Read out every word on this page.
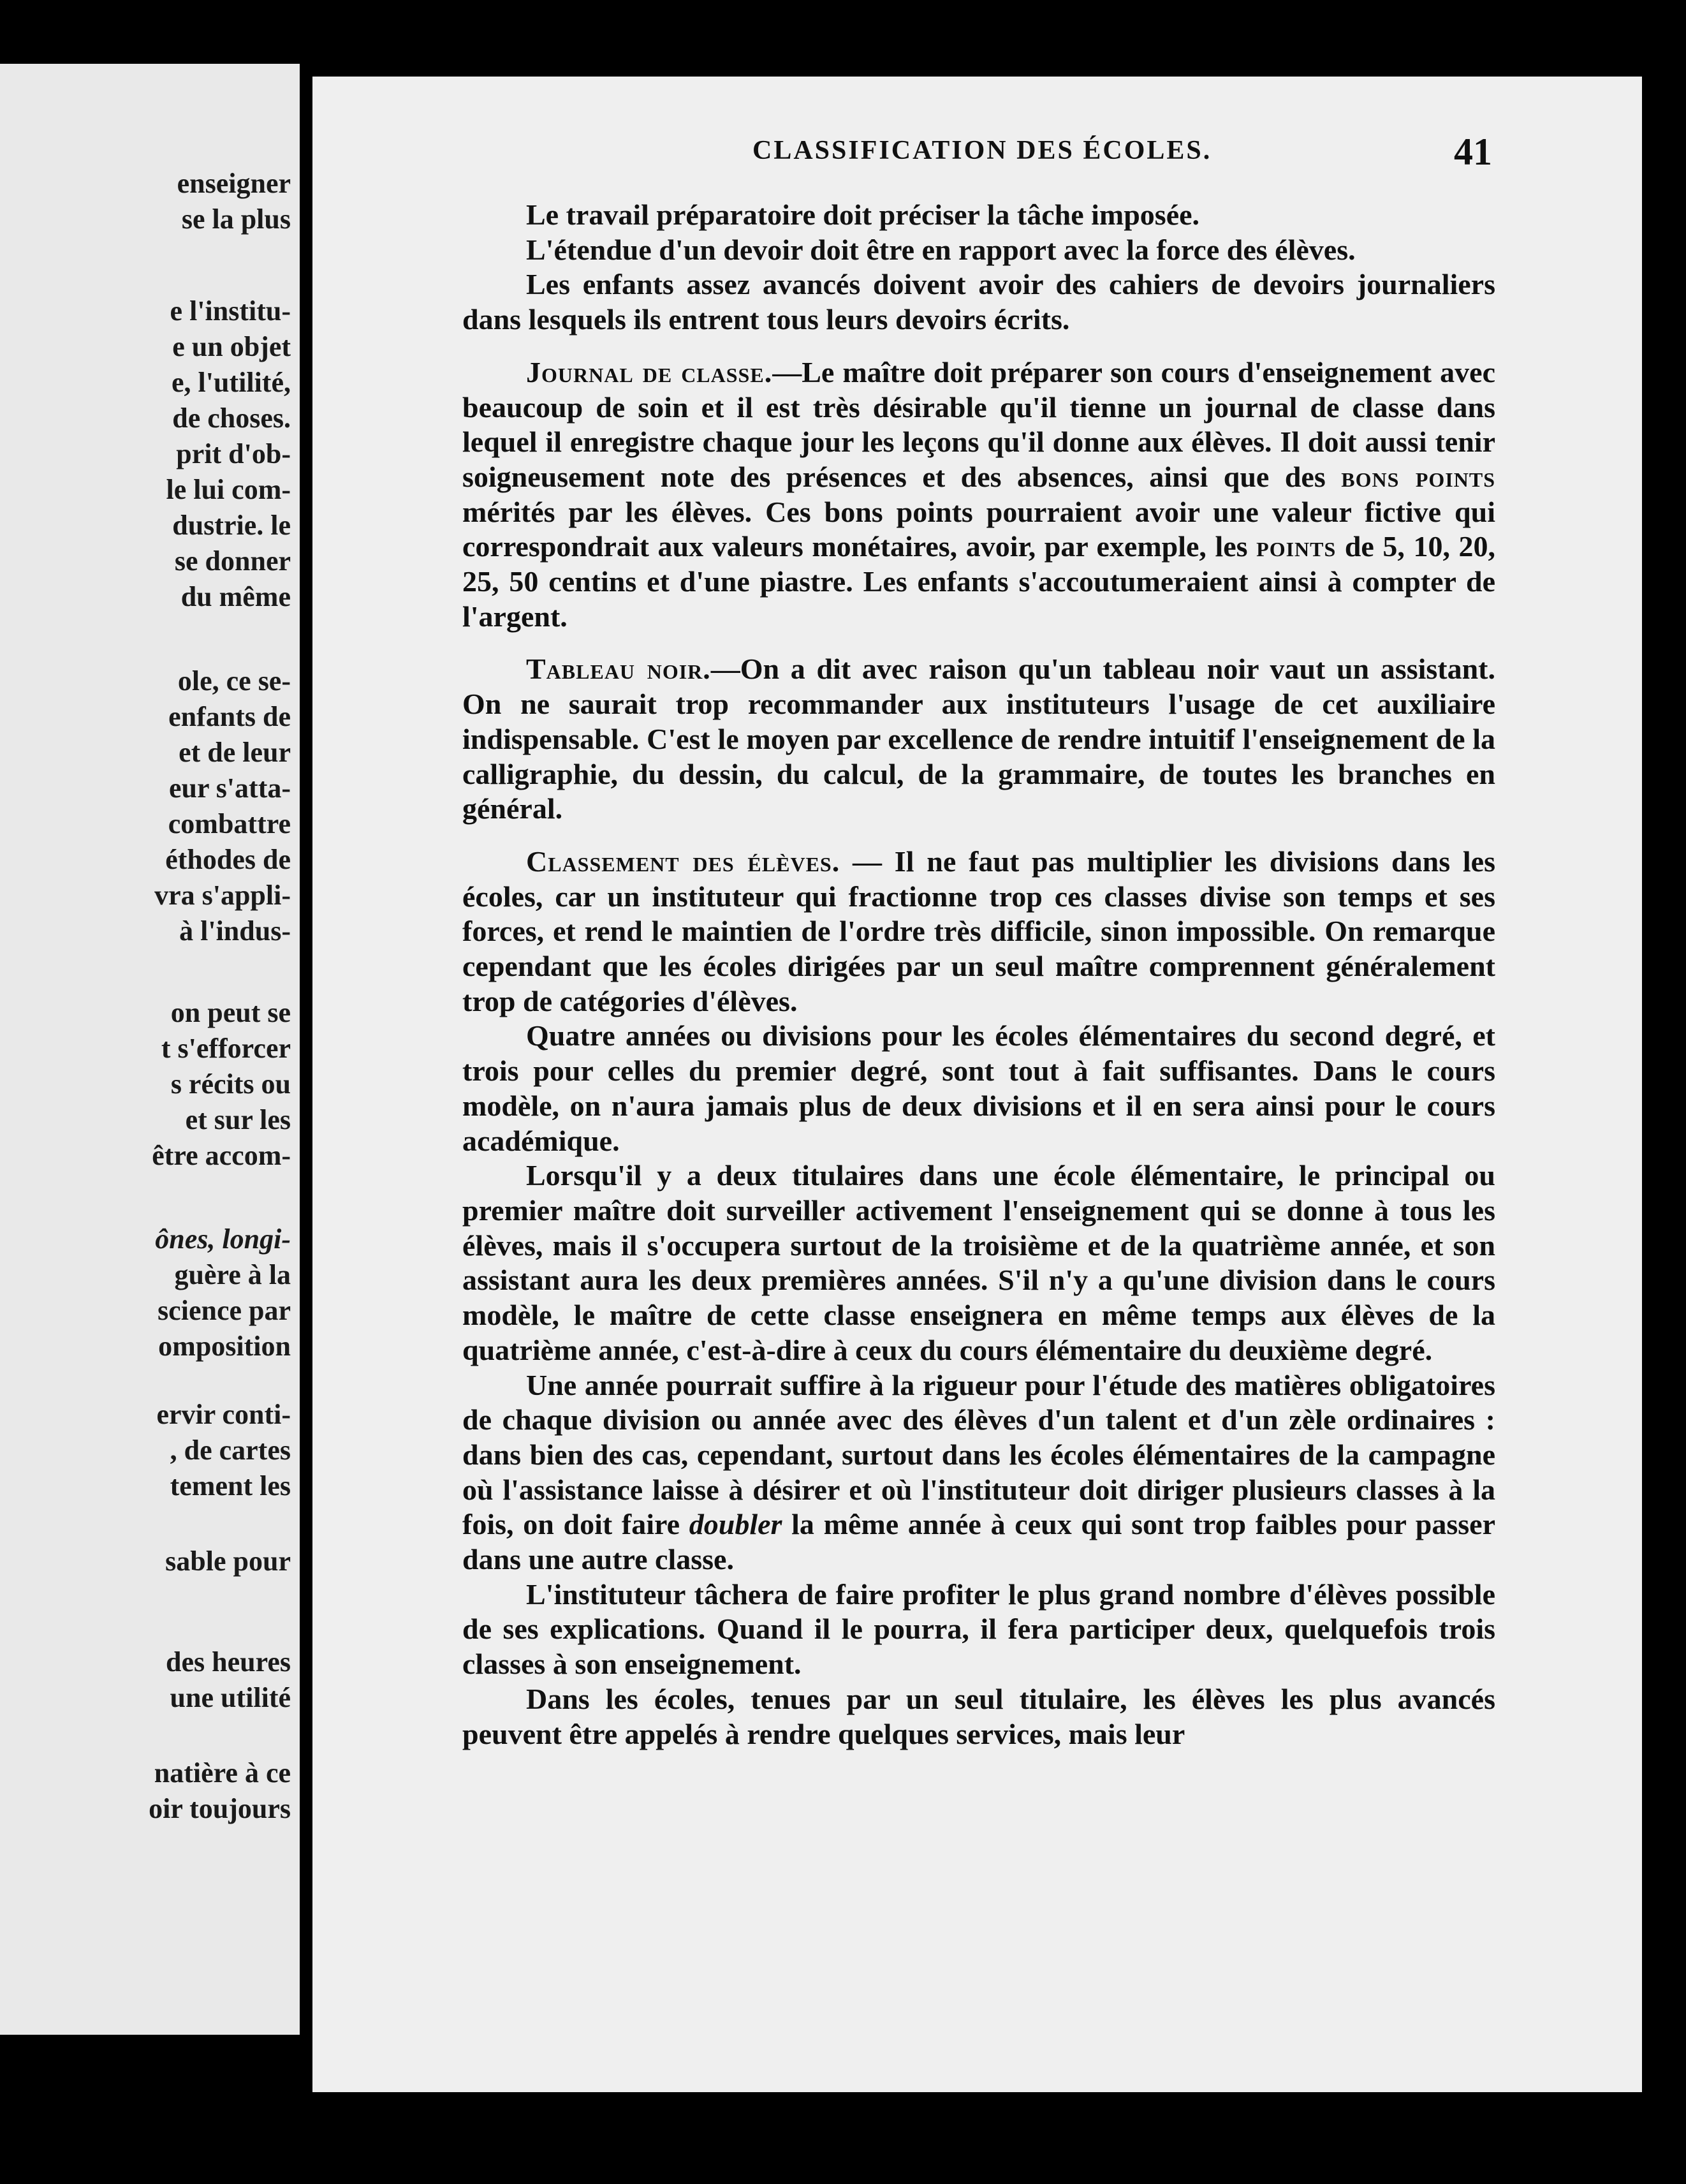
enseigner
se la plus
e l'institu-
e un objet
e, l'utilité,
de choses.
prit d'ob-
le lui com-
dustrie. le
se donner
du même
ole, ce se-
enfants de
et de leur
eur s'atta-
combattre
éthodes de
vra s'appli-
à l'indus-
on peut se
t s'efforcer
s récits ou
et sur les
être accom-
ônes, longi-
guère à la
science par
omposition
ervir conti-
, de cartes
tement les
sable pour
des heures
une utilité
natière à ce
oir toujours
CLASSIFICATION DES ÉCOLES.	41

Le travail préparatoire doit préciser la tâche imposée.

L'étendue d'un devoir doit être en rapport avec la force des élèves.

Les enfants assez avancés doivent avoir des cahiers de devoirs journaliers dans lesquels ils entrent tous leurs devoirs écrits.

Journal de classe.—Le maître doit préparer son cours d'enseignement avec beaucoup de soin et il est très désirable qu'il tienne un journal de classe dans lequel il enregistre chaque jour les leçons qu'il donne aux élèves. Il doit aussi tenir soigneusement note des présences et des absences, ainsi que des bons points mérités par les élèves. Ces bons points pourraient avoir une valeur fictive qui correspondrait aux valeurs monétaires, avoir, par exemple, les points de 5, 10, 20, 25, 50 centins et d'une piastre. Les enfants s'accoutumeraient ainsi à compter de l'argent.

Tableau noir.—On a dit avec raison qu'un tableau noir vaut un assistant. On ne saurait trop recommander aux instituteurs l'usage de cet auxiliaire indispensable. C'est le moyen par excellence de rendre intuitif l'enseignement de la calligraphie, du dessin, du calcul, de la grammaire, de toutes les branches en général.

Classement des élèves. — Il ne faut pas multiplier les divisions dans les écoles, car un instituteur qui fractionne trop ces classes divise son temps et ses forces, et rend le maintien de l'ordre très difficile, sinon impossible. On remarque cependant que les écoles dirigées par un seul maître comprennent généralement trop de catégories d'élèves.

Quatre années ou divisions pour les écoles élémentaires du second degré, et trois pour celles du premier degré, sont tout à fait suffisantes. Dans le cours modèle, on n'aura jamais plus de deux divisions et il en sera ainsi pour le cours académique.

Lorsqu'il y a deux titulaires dans une école élémentaire, le principal ou premier maître doit surveiller activement l'enseignement qui se donne à tous les élèves, mais il s'occupera surtout de la troisième et de la quatrième année, et son assistant aura les deux premières années. S'il n'y a qu'une division dans le cours modèle, le maître de cette classe enseignera en même temps aux élèves de la quatrième année, c'est-à-dire à ceux du cours élémentaire du deuxième degré.

Une année pourrait suffire à la rigueur pour l'étude des matières obligatoires de chaque division ou année avec des élèves d'un talent et d'un zèle ordinaires : dans bien des cas, cependant, surtout dans les écoles élémentaires de la campagne où l'assistance laisse à désirer et où l'instituteur doit diriger plusieurs classes à la fois, on doit faire doubler la même année à ceux qui sont trop faibles pour passer dans une autre classe.

L'instituteur tâchera de faire profiter le plus grand nombre d'élèves possible de ses explications. Quand il le pourra, il fera participer deux, quelquefois trois classes à son enseignement.

Dans les écoles, tenues par un seul titulaire, les élèves les plus avancés peuvent être appelés à rendre quelques services, mais leur
